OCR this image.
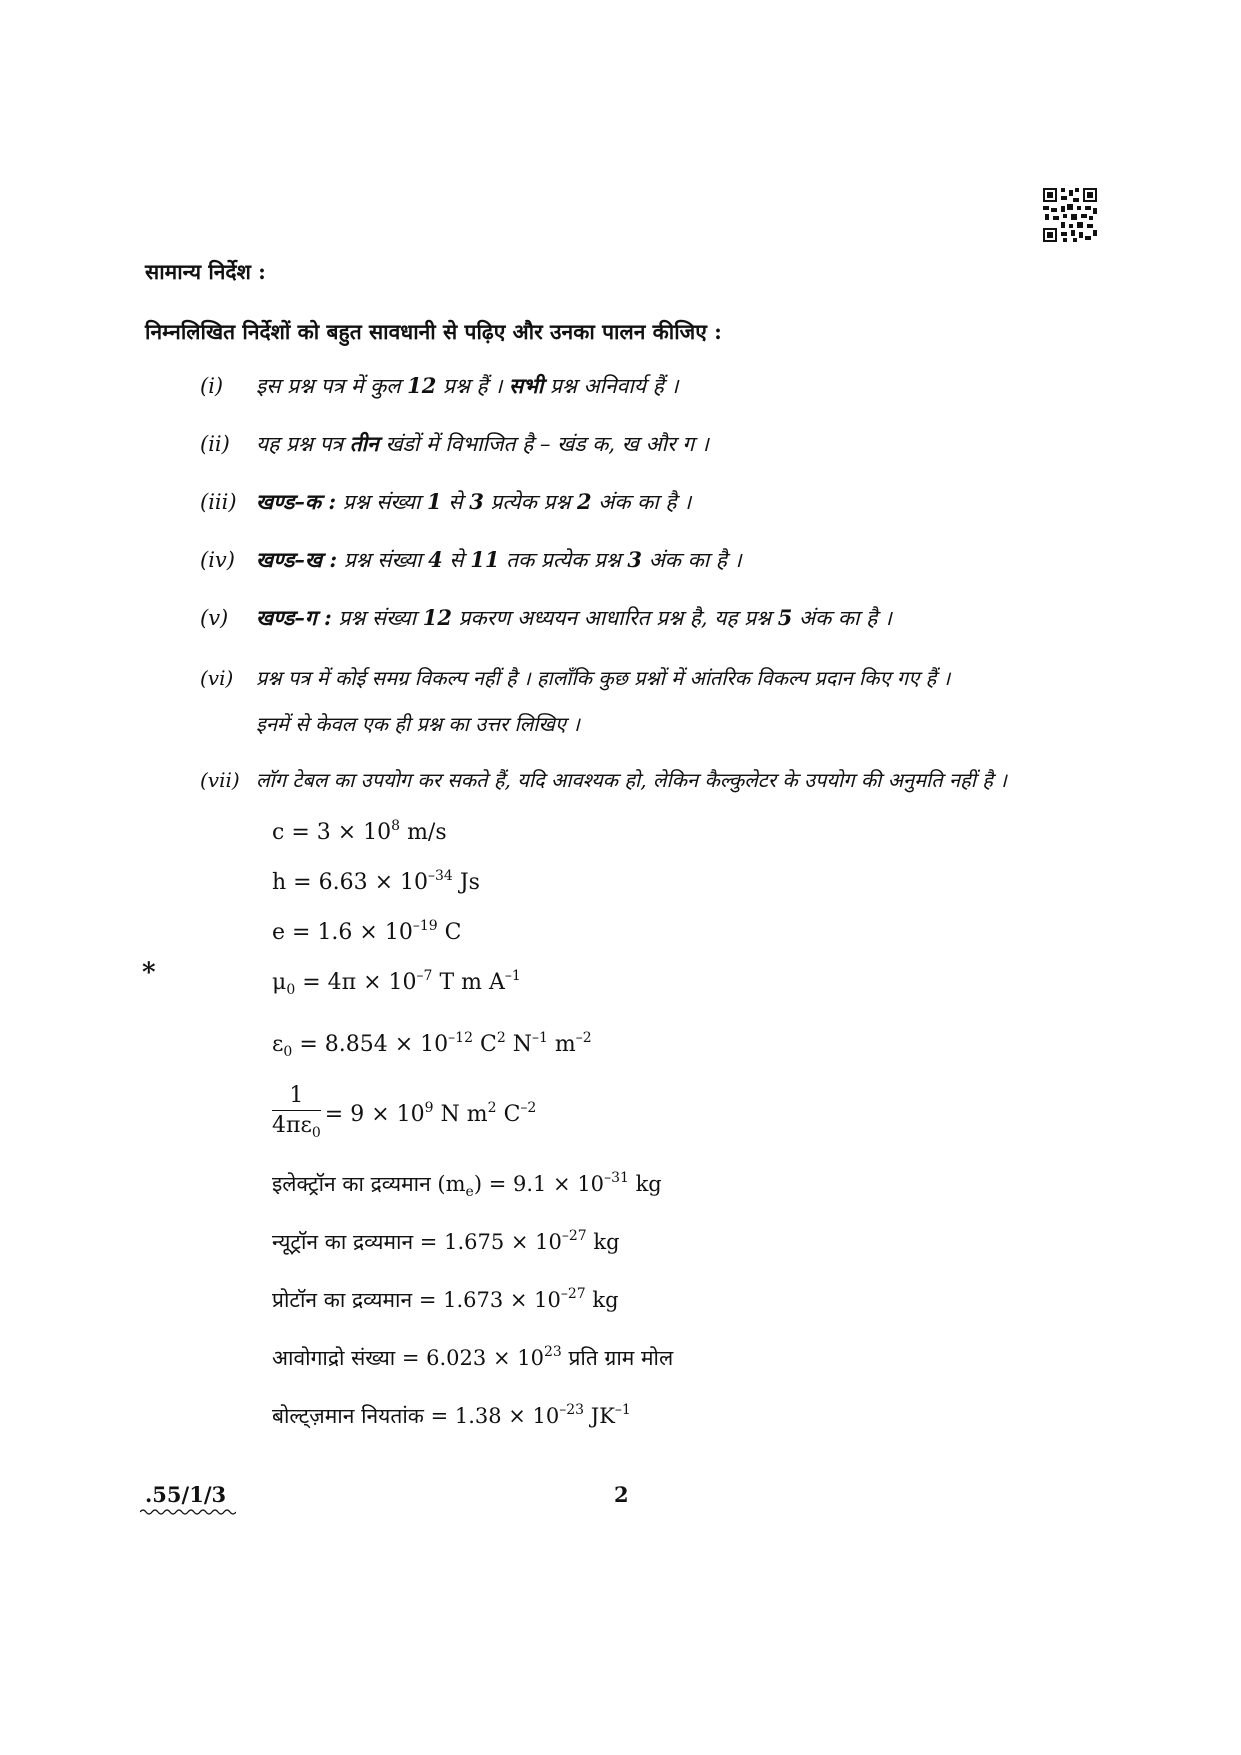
सामान्य निर्देश :
निम्नलिखित निर्देशों को बहुत सावधानी से पढ़िए और उनका पालन कीजिए :
(i) इस प्रश्न पत्र में कुल 12 प्रश्न हैं । सभी प्रश्न अनिवार्य हैं ।
(ii) यह प्रश्न पत्र तीन खंडों में विभाजित है – खंड क, ख और ग ।
(iii) खण्ड–क : प्रश्न संख्या 1 से 3 प्रत्येक प्रश्न 2 अंक का है ।
(iv) खण्ड–ख : प्रश्न संख्या 4 से 11 तक प्रत्येक प्रश्न 3 अंक का है ।
(v) खण्ड–ग : प्रश्न संख्या 12 प्रकरण अध्ययन आधारित प्रश्न है, यह प्रश्न 5 अंक का है ।
(vi) प्रश्न पत्र में कोई समग्र विकल्प नहीं है । हालाँकि कुछ प्रश्नों में आंतरिक विकल्प प्रदान किए गए हैं ।
इनमें से केवल एक ही प्रश्न का उत्तर लिखिए ।
(vii) लॉग टेबल का उपयोग कर सकते हैं, यदि आवश्यक हो, लेकिन कैल्कुलेटर के उपयोग की अनुमति नहीं है ।
$c = 3 \times 10^8$ m/s
$h = 6.63 \times 10^{-34}$ Js
$e = 1.6 \times 10^{-19}$ C
*	$\mu_0 = 4\pi \times 10^{-7}$ T m $A^{-1}$
$\varepsilon_0 = 8.854 \times 10^{-12}$ $C^2$ $N^{-1}$ $m^{-2}$
$\frac{1}{4\pi\varepsilon_0} = 9 \times 10^9$ N $m^2$ $C^{-2}$
इलेक्ट्रॉन का द्रव्यमान $(m_e) = 9.1 \times 10^{-31}$ kg
न्यूट्रॉन का द्रव्यमान = $1.675 \times 10^{-27}$ kg
प्रोटॉन का द्रव्यमान = $1.673 \times 10^{-27}$ kg
आवोगाद्रो संख्या = $6.023 \times 10^{23}$ प्रति ग्राम मोल
बोल्ट्ज़मान नियतांक = $1.38 \times 10^{-23}$ $JK^{-1}$
.55/1/3	2
